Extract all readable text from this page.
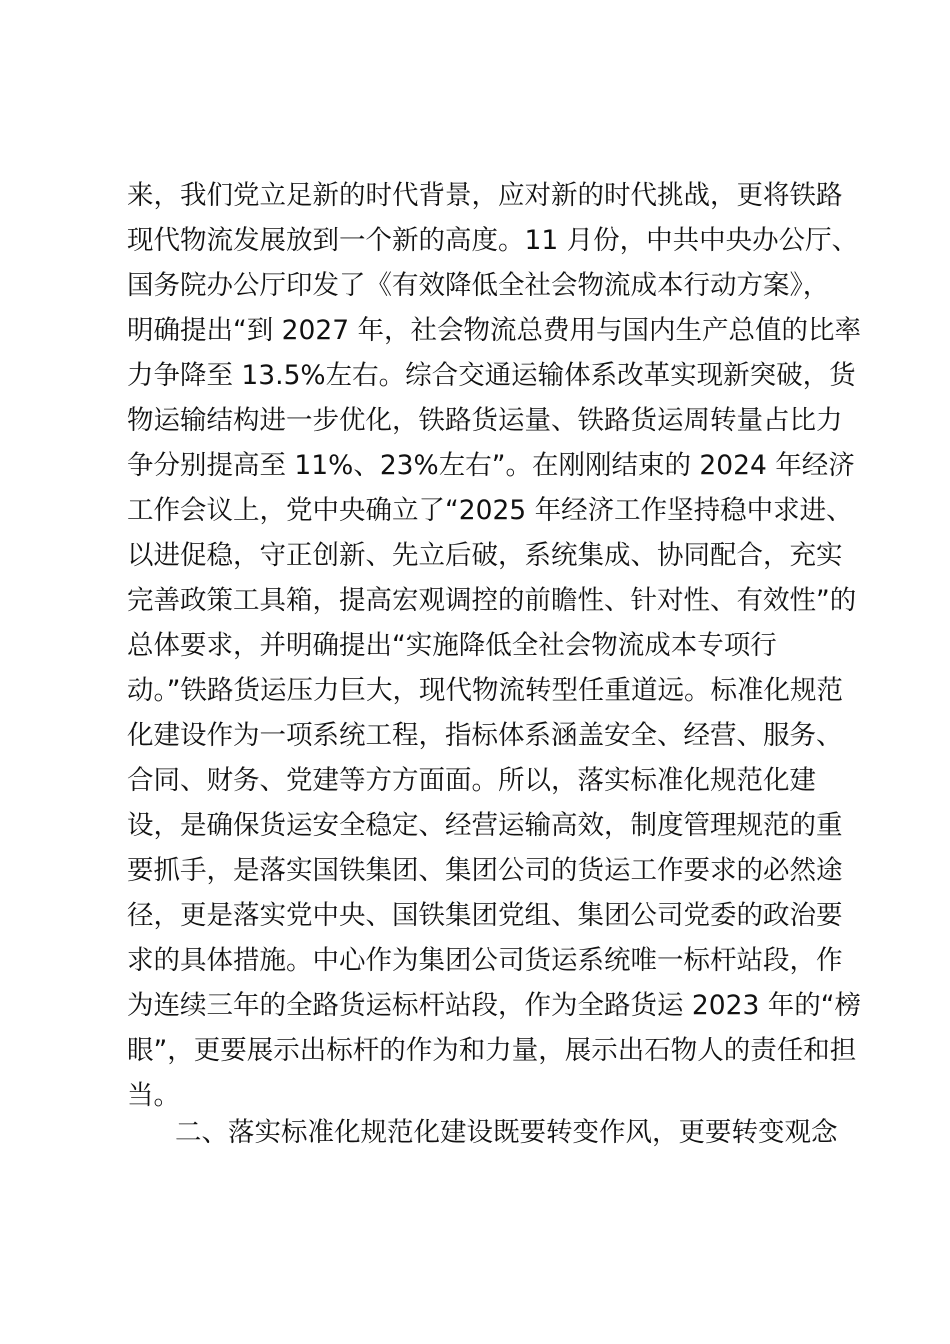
来，我们党立足新的时代背景，应对新的时代挑战，更将铁路
现代物流发展放到一个新的高度。11 月份，中共中央办公厅、
国务院办公厅印发了《有效降低全社会物流成本行动方案》，
明确提出“到 2027 年，社会物流总费用与国内生产总值的比率
力争降至 13.5%左右。综合交通运输体系改革实现新突破，货
物运输结构进一步优化，铁路货运量、铁路货运周转量占比力
争分别提高至 11%、23%左右”。在刚刚结束的 2024 年经济
工作会议上，党中央确立了“2025 年经济工作坚持稳中求进、
以进促稳，守正创新、先立后破，系统集成、协同配合，充实
完善政策工具箱，提高宏观调控的前瞻性、针对性、有效性”的
总体要求，并明确提出“实施降低全社会物流成本专项行
动。”铁路货运压力巨大，现代物流转型任重道远。标准化规范
化建设作为一项系统工程，指标体系涵盖安全、经营、服务、
合同、财务、党建等方方面面。所以，落实标准化规范化建
设，是确保货运安全稳定、经营运输高效，制度管理规范的重
要抓手，是落实国铁集团、集团公司的货运工作要求的必然途
径，更是落实党中央、国铁集团党组、集团公司党委的政治要
求的具体措施。中心作为集团公司货运系统唯一标杆站段，作
为连续三年的全路货运标杆站段，作为全路货运 2023 年的“榜
眼”，更要展示出标杆的作为和力量，展示出石物人的责任和担
当。
二、落实标准化规范化建设既要转变作风，更要转变观念
